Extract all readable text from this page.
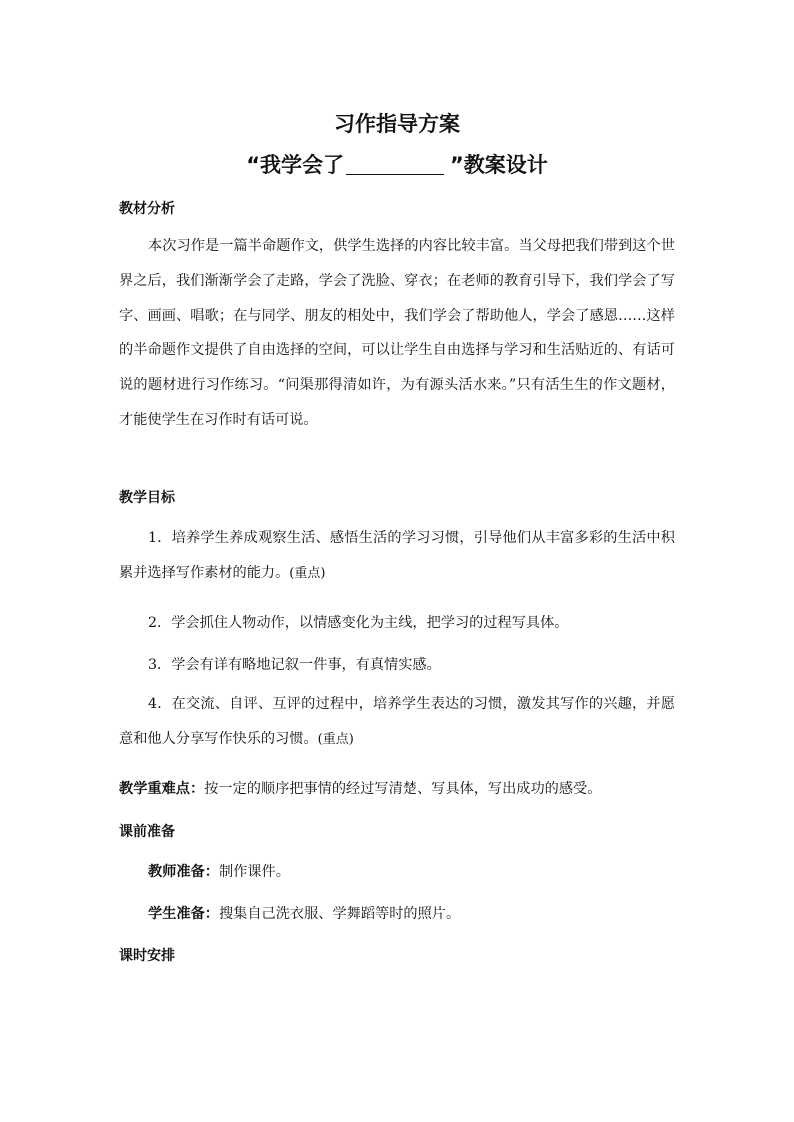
习作指导方案
“我学会了	”教案设计
教材分析
本次习作是一篇半命题作文，供学生选择的内容比较丰富。当父母把我们带到这个世界之后，我们渐渐学会了走路，学会了洗脸、穿衣；在老师的教育引导下，我们学会了写字、画画、唱歌；在与同学、朋友的相处中，我们学会了帮助他人，学会了感恩……这样的半命题作文提供了自由选择的空间，可以让学生自由选择与学习和生活贴近的、有话可说的题材进行习作练习。“问渠那得清如许，为有源头活水来。”只有活生生的作文题材，才能使学生在习作时有话可说。
教学目标
1．培养学生养成观察生活、感悟生活的学习习惯，引导他们从丰富多彩的生活中积累并选择写作素材的能力。(重点)
2．学会抓住人物动作，以情感变化为主线，把学习的过程写具体。
3．学会有详有略地记叙一件事，有真情实感。
4．在交流、自评、互评的过程中，培养学生表达的习惯，激发其写作的兴趣，并愿意和他人分享写作快乐的习惯。(重点)
教学重难点：按一定的顺序把事情的经过写清楚、写具体，写出成功的感受。
课前准备
教师准备：制作课件。
学生准备：搜集自己洗衣服、学舞蹈等时的照片。
课时安排
